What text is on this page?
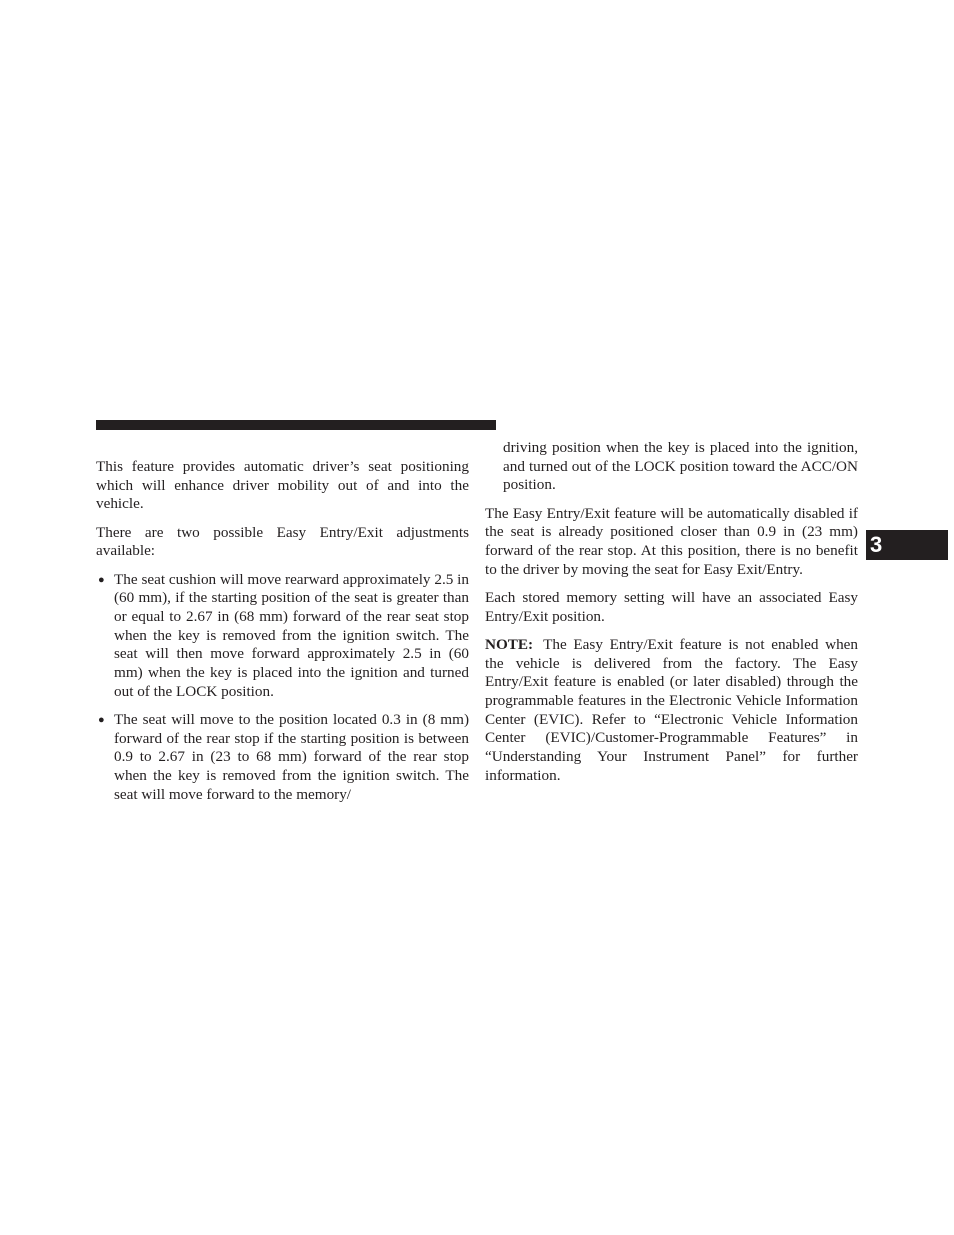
This feature provides automatic driver’s seat positioning which will enhance driver mobility out of and into the vehicle.

There are two possible Easy Entry/Exit adjustments available:

● The seat cushion will move rearward approximately 2.5 in (60 mm), if the starting position of the seat is greater than or equal to 2.67 in (68 mm) forward of the rear seat stop when the key is removed from the ignition switch. The seat will then move forward approximately 2.5 in (60 mm) when the key is placed into the ignition and turned out of the LOCK position.
● The seat will move to the position located 0.3 in (8 mm) forward of the rear stop if the starting position is between 0.9 to 2.67 in (23 to 68 mm) forward of the rear stop when the key is removed from the ignition switch. The seat will move forward to the memory/
driving position when the key is placed into the ignition, and turned out of the LOCK position toward the ACC/ON position.

The Easy Entry/Exit feature will be automatically disabled if the seat is already positioned closer than 0.9 in (23 mm) forward of the rear stop. At this position, there is no benefit to the driver by moving the seat for Easy Exit/Entry.

Each stored memory setting will have an associated Easy Entry/Exit position.

NOTE: The Easy Entry/Exit feature is not enabled when the vehicle is delivered from the factory. The Easy Entry/Exit feature is enabled (or later disabled) through the programmable features in the Electronic Vehicle Information Center (EVIC). Refer to “Electronic Vehicle Information Center (EVIC)/Customer-Programmable Features” in “Understanding Your Instrument Panel” for further information.

3
